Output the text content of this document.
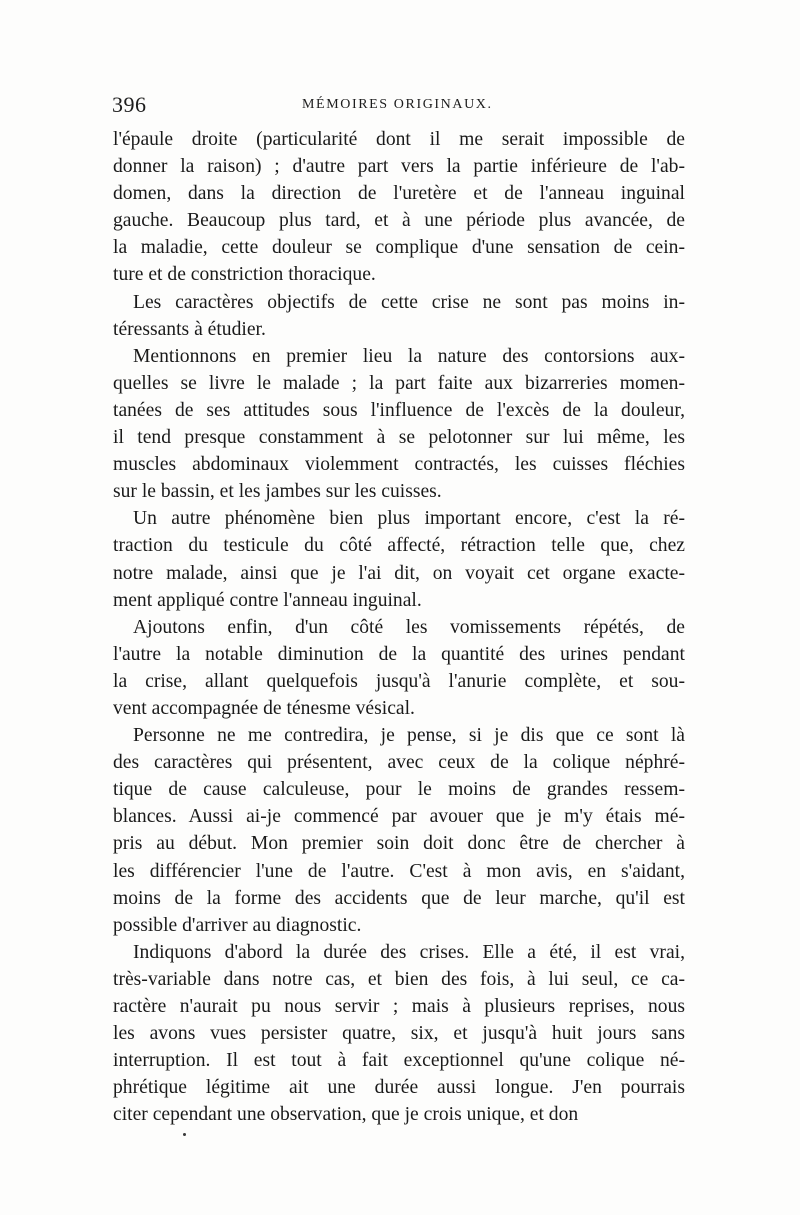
396	MÉMOIRES ORIGINAUX.
l'épaule droite (particularité dont il me serait impossible de
donner la raison) ; d'autre part vers la partie inférieure de l'ab-
domen, dans la direction de l'uretère et de l'anneau inguinal
gauche. Beaucoup plus tard, et à une période plus avancée, de
la maladie, cette douleur se complique d'une sensation de cein-
ture et de constriction thoracique.
Les caractères objectifs de cette crise ne sont pas moins in-
téressants à étudier.
Mentionnons en premier lieu la nature des contorsions aux-
quelles se livre le malade ; la part faite aux bizarreries momen-
tanées de ses attitudes sous l'influence de l'excès de la douleur,
il tend presque constamment à se pelotonner sur lui même, les
muscles abdominaux violemment contractés, les cuisses fléchies
sur le bassin, et les jambes sur les cuisses.
Un autre phénomène bien plus important encore, c'est la ré-
traction du testicule du côté affecté, rétraction telle que, chez
notre malade, ainsi que je l'ai dit, on voyait cet organe exacte-
ment appliqué contre l'anneau inguinal.
Ajoutons enfin, d'un côté les vomissements répétés, de
l'autre la notable diminution de la quantité des urines pendant
la crise, allant quelquefois jusqu'à l'anurie complète, et sou-
vent accompagnée de ténesme vésical.
Personne ne me contredira, je pense, si je dis que ce sont là
des caractères qui présentent, avec ceux de la colique néphré-
tique de cause calculeuse, pour le moins de grandes ressem-
blances. Aussi ai-je commencé par avouer que je m'y étais mé-
pris au début. Mon premier soin doit donc être de chercher à
les différencier l'une de l'autre. C'est à mon avis, en s'aidant,
moins de la forme des accidents que de leur marche, qu'il est
possible d'arriver au diagnostic.
Indiquons d'abord la durée des crises. Elle a été, il est vrai,
très-variable dans notre cas, et bien des fois, à lui seul, ce ca-
ractère n'aurait pu nous servir ; mais à plusieurs reprises, nous
les avons vues persister quatre, six, et jusqu'à huit jours sans
interruption. Il est tout à fait exceptionnel qu'une colique né-
phrétique légitime ait une durée aussi longue. J'en pourrais
citer cependant une observation, que je crois unique, et don
